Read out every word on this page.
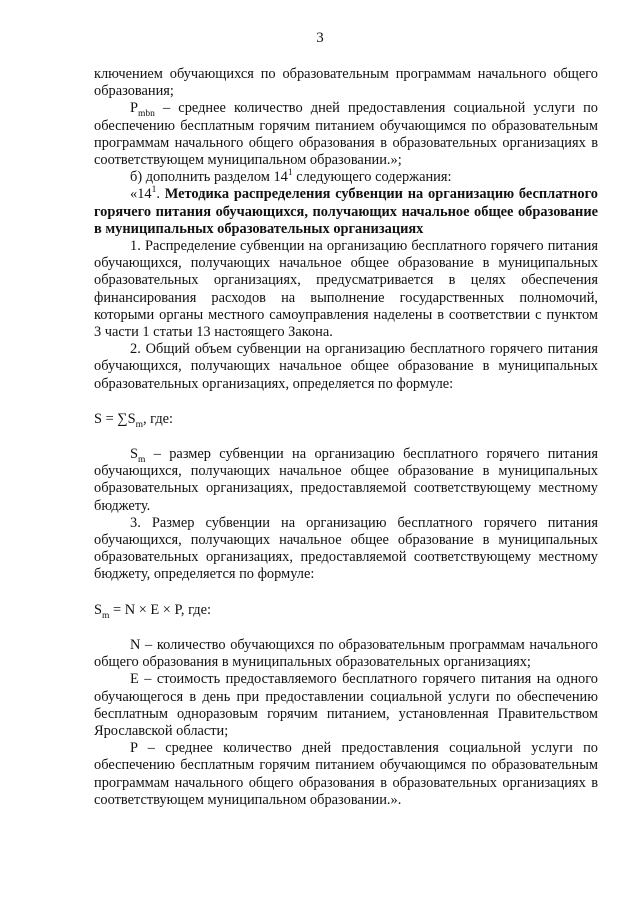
3

ключением обучающихся по образовательным программам начального общего образования;

$P_{mbn}$ – среднее количество дней предоставления социальной услуги по обеспечению бесплатным горячим питанием обучающимся по образовательным программам начального общего образования в образовательных организациях в соответствующем муниципальном образовании.»;

б) дополнить разделом $14^1$ следующего содержания:

«$14^1$. Методика распределения субвенции на организацию бесплатного горячего питания обучающихся, получающих начальное общее образование в муниципальных образовательных организациях

1. Распределение субвенции на организацию бесплатного горячего питания обучающихся, получающих начальное общее образование в муниципальных образовательных организациях, предусматривается в целях обеспечения финансирования расходов на выполнение государственных полномочий, которыми органы местного самоуправления наделены в соответствии с пунктом 3 части 1 статьи 13 настоящего Закона.

2. Общий объем субвенции на организацию бесплатного горячего питания обучающихся, получающих начальное общее образование в муниципальных образовательных организациях, определяется по формуле:

$S = \sum S_m$, где:

$S_m$ – размер субвенции на организацию бесплатного горячего питания обучающихся, получающих начальное общее образование в муниципальных образовательных организациях, предоставляемой соответствующему местному бюджету.

3. Размер субвенции на организацию бесплатного горячего питания обучающихся, получающих начальное общее образование в муниципальных образовательных организациях, предоставляемой соответствующему местному бюджету, определяется по формуле:

$S_m = N \times E \times P$, где:

N – количество обучающихся по образовательным программам начального общего образования в муниципальных образовательных организациях;

E – стоимость предоставляемого бесплатного горячего питания на одного обучающегося в день при предоставлении социальной услуги по обеспечению бесплатным одноразовым горячим питанием, установленная Правительством Ярославской области;

P – среднее количество дней предоставления социальной услуги по обеспечению бесплатным горячим питанием обучающимся по образовательным программам начального общего образования в образовательных организациях в соответствующем муниципальном образовании.».
